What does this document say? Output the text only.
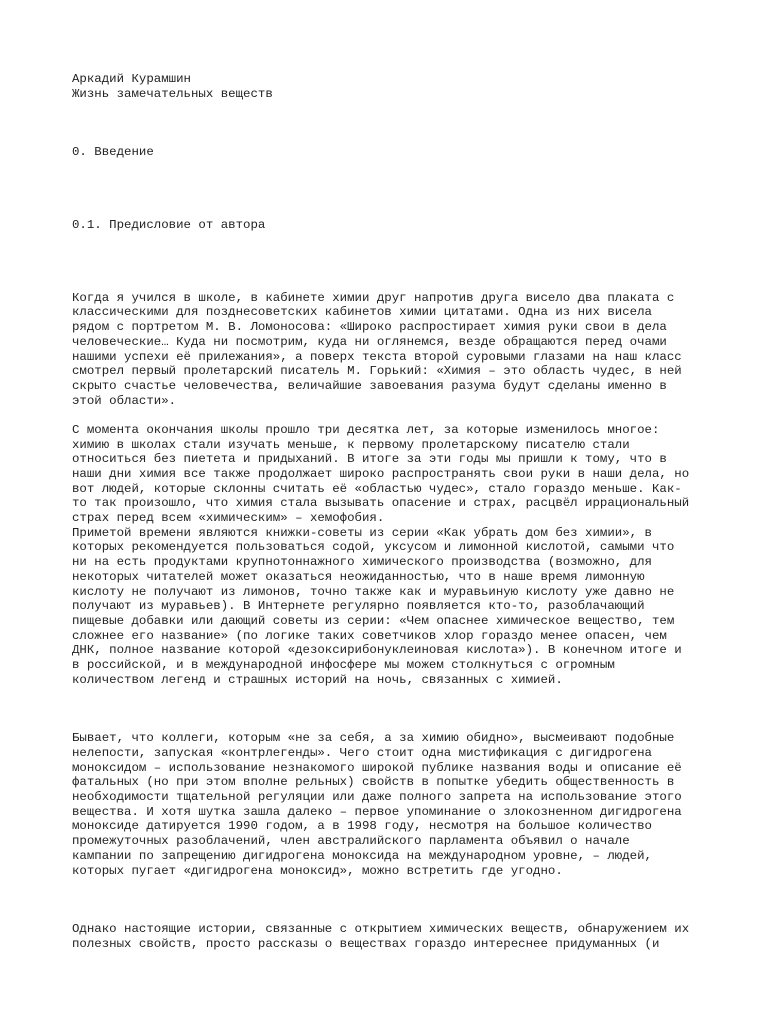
Аркадий Курамшин
Жизнь замечательных веществ
0. Введение
0.1. Предисловие от автора

Когда я учился в школе, в кабинете химии друг напротив друга висело два плаката с
классическими для позднесоветских кабинетов химии цитатами. Одна из них висела
рядом с портретом М. В. Ломоносова: «Широко распростирает химия руки свои в дела
человеческие… Куда ни посмотрим, куда ни оглянемся, везде обращаются перед очами
нашими успехи её прилежания», а поверх текста второй суровыми глазами на наш класс
смотрел первый пролетарский писатель М. Горький: «Химия – это область чудес, в ней
скрыто счастье человечества, величайшие завоевания разума будут сделаны именно в
этой области».

С момента окончания школы прошло три десятка лет, за которые изменилось многое:
химию в школах стали изучать меньше, к первому пролетарскому писателю стали
относиться без пиетета и придыханий. В итоге за эти годы мы пришли к тому, что в
наши дни химия все также продолжает широко распространять свои руки в наши дела, но
вот людей, которые склонны считать её «областью чудес», стало гораздо меньше. Как-
то так произошло, что химия стала вызывать опасение и страх, расцвёл иррациональный
страх перед всем «химическим» – хемофобия.
Приметой времени являются книжки-советы из серии «Как убрать дом без химии», в
которых рекомендуется пользоваться содой, уксусом и лимонной кислотой, самыми что
ни на есть продуктами крупнотоннажного химического производства (возможно, для
некоторых читателей может оказаться неожиданностью, что в наше время лимонную
кислоту не получают из лимонов, точно также как и муравьиную кислоту уже давно не
получают из муравьев). В Интернете регулярно появляется кто-то, разоблачающий
пищевые добавки или дающий советы из серии: «Чем опаснее химическое вещество, тем
сложнее его название» (по логике таких советчиков хлор гораздо менее опасен, чем
ДНК, полное название которой «дезоксирибонуклеиновая кислота»). В конечном итоге и
в российской, и в международной инфосфере мы можем столкнуться с огромным
количеством легенд и страшных историй на ночь, связанных с химией.

Бывает, что коллеги, которым «не за себя, а за химию обидно», высмеивают подобные
нелепости, запуская «контрлегенды». Чего стоит одна мистификация с дигидрогена
моноксидом – использование незнакомого широкой публике названия воды и описание её
фатальных (но при этом вполне рельных) свойств в попытке убедить общественность в
необходимости тщательной регуляции или даже полного запрета на использование этого
вещества. И хотя шутка зашла далеко – первое упоминание о злокозненном дигидрогена
моноксиде датируется 1990 годом, а в 1998 году, несмотря на большое количество
промежуточных разоблачений, член австралийского парламента объявил о начале
кампании по запрещению дигидрогена моноксида на международном уровне, – людей,
которых пугает «дигидрогена моноксид», можно встретить где угодно.

Однако настоящие истории, связанные с открытием химических веществ, обнаружением их
полезных свойств, просто рассказы о веществах гораздо интереснее придуманных (и
